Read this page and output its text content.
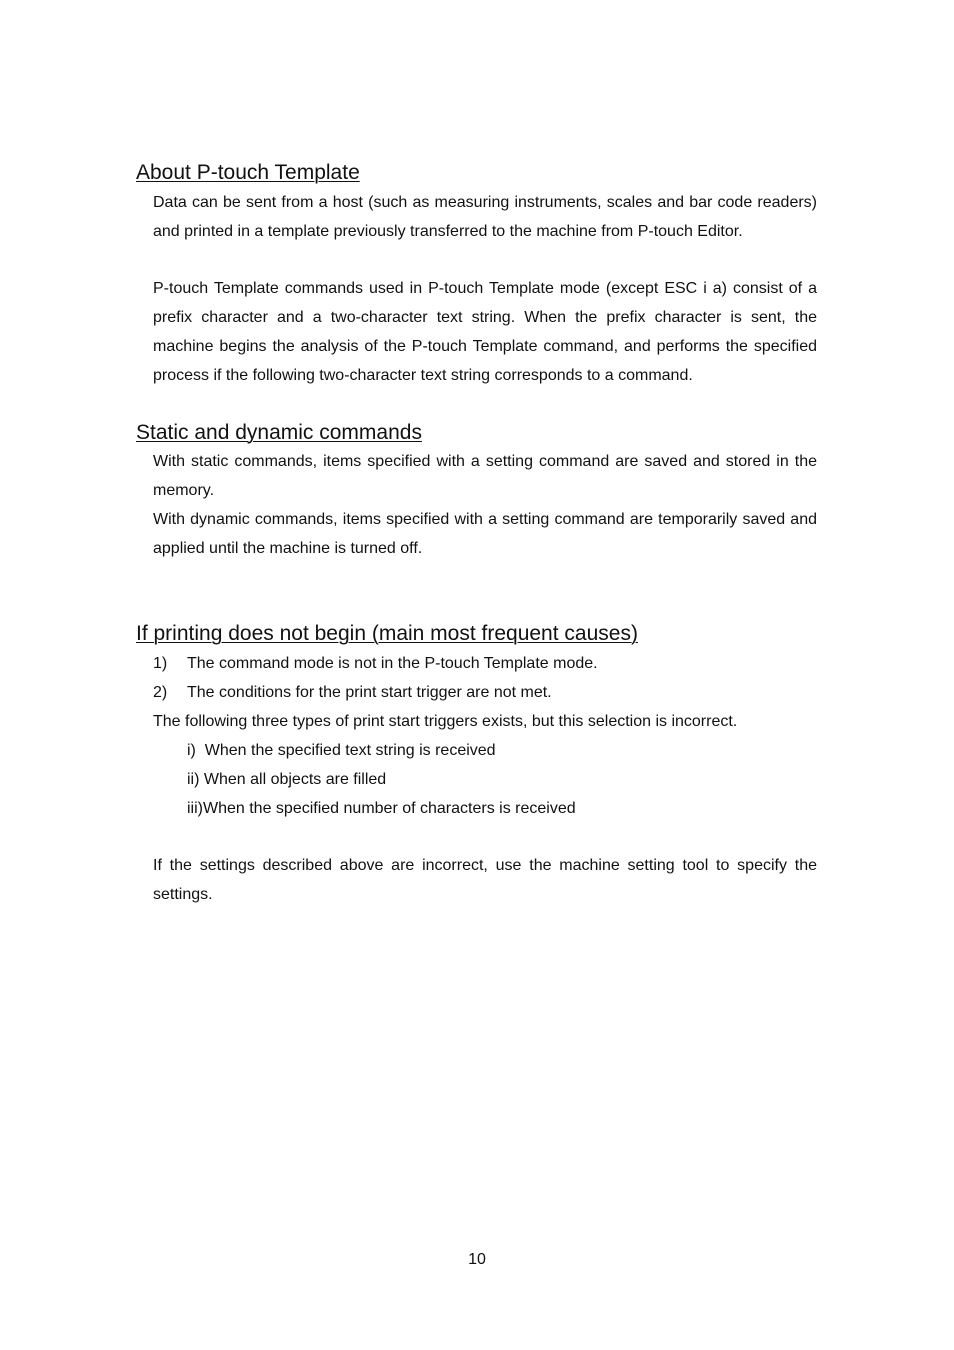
About P-touch Template
Data can be sent from a host (such as measuring instruments, scales and bar code readers) and printed in a template previously transferred to the machine from P-touch Editor.
P-touch Template commands used in P-touch Template mode (except ESC i a) consist of a prefix character and a two-character text string. When the prefix character is sent, the machine begins the analysis of the P-touch Template command, and performs the specified process if the following two-character text string corresponds to a command.
Static and dynamic commands
With static commands, items specified with a setting command are saved and stored in the memory.
With dynamic commands, items specified with a setting command are temporarily saved and applied until the machine is turned off.
If printing does not begin (main most frequent causes)
1) The command mode is not in the P-touch Template mode.
2) The conditions for the print start trigger are not met.
The following three types of print start triggers exists, but this selection is incorrect.
i)  When the specified text string is received
ii) When all objects are filled
iii)When the specified number of characters is received
If the settings described above are incorrect, use the machine setting tool to specify the settings.
10
